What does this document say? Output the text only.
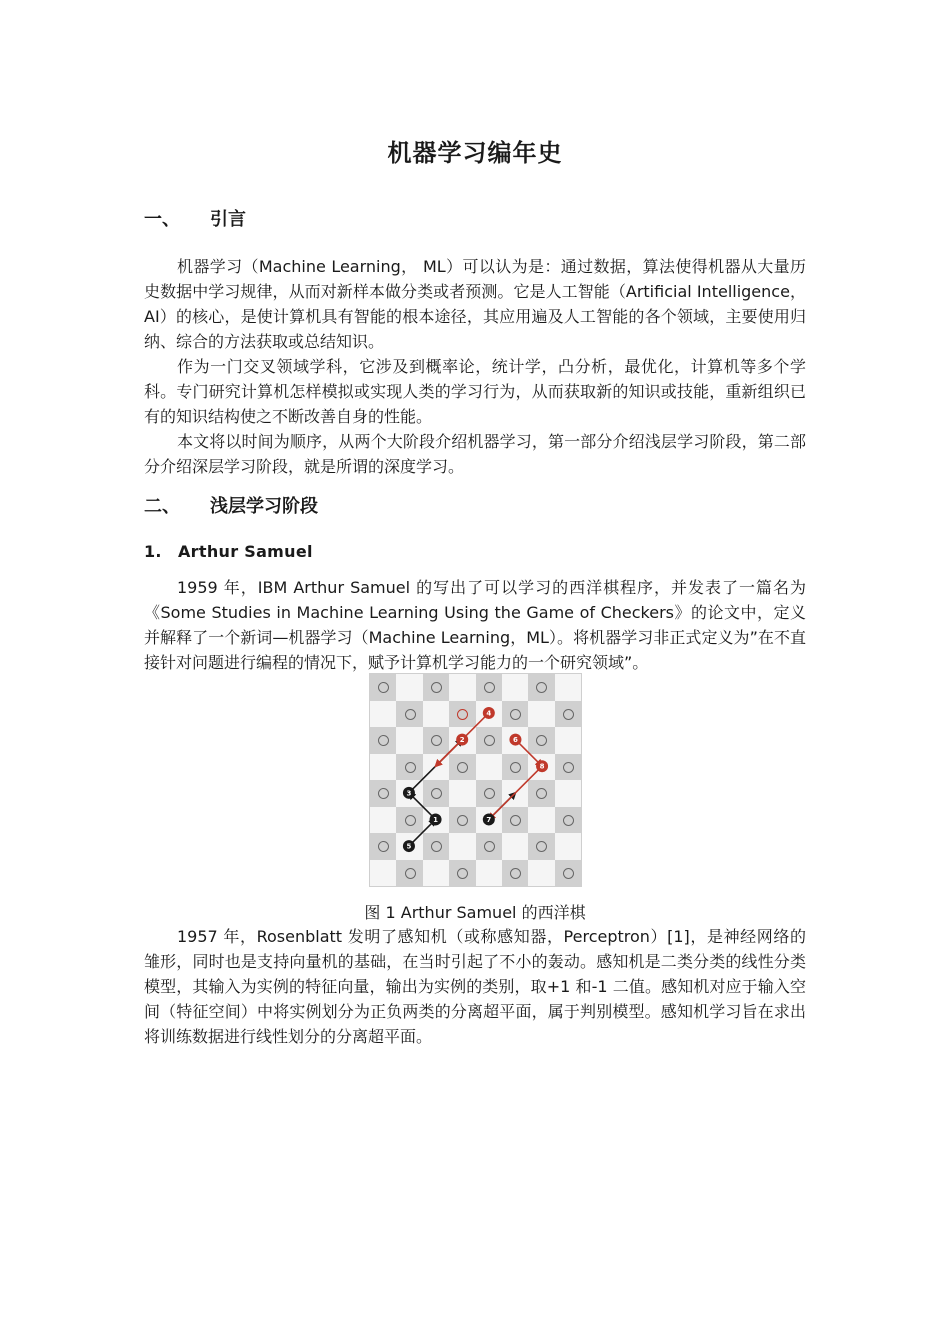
机器学习编年史
一、 引言

机器学习（Machine Learning， ML）可以认为是：通过数据，算法使得机器从大量历史数据中学习规律，从而对新样本做分类或者预测。它是人工智能（Artificial Intelligence， AI）的核心，是使计算机具有智能的根本途径，其应用遍及人工智能的各个领域，主要使用归纳、综合的方法获取或总结知识。

作为一门交叉领域学科，它涉及到概率论，统计学，凸分析，最优化，计算机等多个学科。专门研究计算机怎样模拟或实现人类的学习行为，从而获取新的知识或技能，重新组织已有的知识结构使之不断改善自身的性能。

本文将以时间为顺序，从两个大阶段介绍机器学习，第一部分介绍浅层学习阶段，第二部分介绍深层学习阶段，就是所谓的深度学习。

二、 浅层学习阶段
1. Arthur Samuel

1959 年，IBM Arthur Samuel 的写出了可以学习的西洋棋程序，并发表了一篇名为《Some Studies in Machine Learning Using the Game of Checkers》的论文中，定义并解释了一个新词—机器学习（Machine Learning，ML）。将机器学习非正式定义为”在不直接针对问题进行编程的情况下，赋予计算机学习能力的一个研究领域”。

1
3
5
7
2
4
6
8

图 1 Arthur Samuel 的西洋棋

1957 年，Rosenblatt 发明了感知机（或称感知器，Perceptron）[1]，是神经网络的雏形，同时也是支持向量机的基础，在当时引起了不小的轰动。感知机是二类分类的线性分类模型，其输入为实例的特征向量，输出为实例的类别，取+1 和-1 二值。感知机对应于输入空间（特征空间）中将实例划分为正负两类的分离超平面，属于判别模型。感知机学习旨在求出将训练数据进行线性划分的分离超平面。
